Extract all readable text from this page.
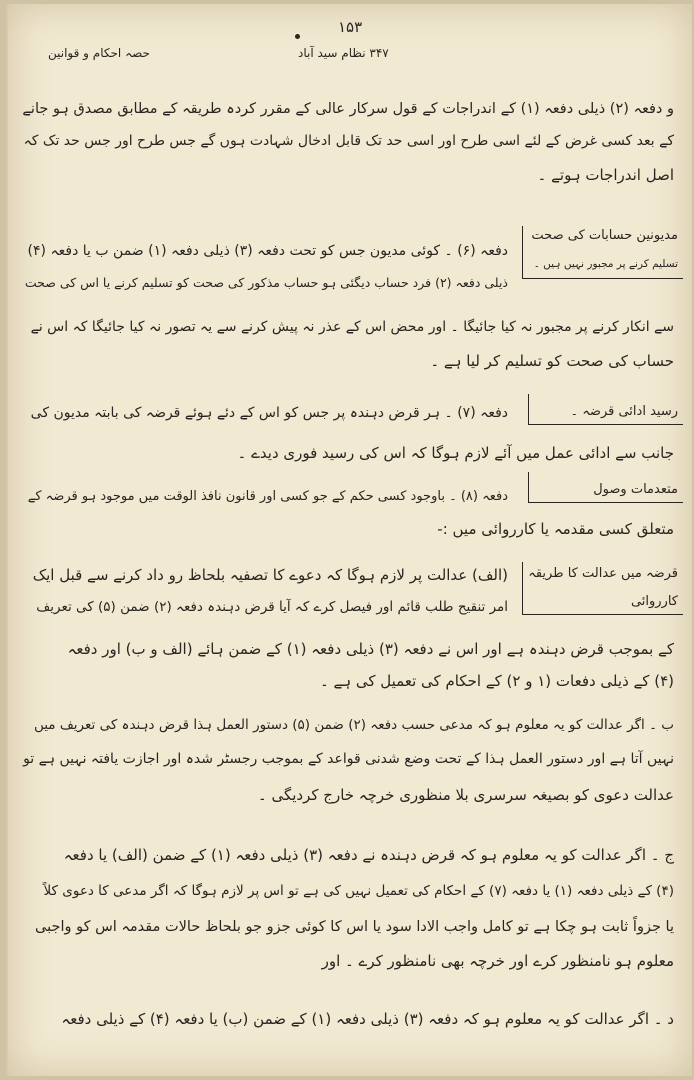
۱۵۳
۳۴۷ نظام سید آباد
حصہ احکام و قوانین
و دفعہ (۲) ذیلی دفعہ (۱) کے اندراجات کے قول سرکار عالی کے مقرر کردہ طریقہ کے مطابق مصدق ہو جانے
کے بعد کسی غرض کے لئے اسی طرح اور اسی حد تک قابل ادخال شہادت ہوں گے جس طرح اور جس حد تک کہ
اصل اندراجات ہوتے ۔
مدیونین حسابات کی صحت
تسلیم کرنے پر مجبور نہیں ہیں ۔
دفعہ (۶) ۔ کوئی مدیون جس کو تحت دفعہ (۳) ذیلی دفعہ (۱) ضمن ب یا دفعہ (۴)
ذیلی دفعہ (۲) فرد حساب دیگئی ہو حساب مذکور کی صحت کو تسلیم کرنے یا اس کی صحت
سے انکار کرنے پر مجبور نہ کیا جائیگا ۔ اور محض اس کے عذر نہ پیش کرنے سے یہ تصور نہ کیا جائیگا کہ اس نے
حساب کی صحت کو تسلیم کر لیا ہے ۔
رسید ادائی قرضہ ۔
دفعہ (۷) ۔ ہر قرض دہندہ پر جس کو اس کے دئے ہوئے قرضہ کی بابتہ مدیون کی
جانب سے ادائی عمل میں آئے لازم ہوگا کہ اس کی رسید فوری دیدے ۔
متعدمات وصول
دفعہ (۸) ۔ باوجود کسی حکم کے جو کسی اور قانون نافذ الوقت میں موجود ہو قرضہ کے
متعلق کسی مقدمہ یا کارروائی میں :-
قرضہ میں عدالت کا طریقہ
کارروائی
(الف) عدالت پر لازم ہوگا کہ دعوے کا تصفیہ بلحاظ رو داد کرنے سے قبل ایک
امر تنقیح طلب قائم اور فیصل کرے کہ آیا قرض دہندہ دفعہ (۲) ضمن (۵) کی تعریف
کے بموجب قرض دہندہ ہے اور اس نے دفعہ (۳) ذیلی دفعہ (۱) کے ضمن ہائے (الف و ب) اور دفعہ
(۴) کے ذیلی دفعات (۱ و ۲) کے احکام کی تعمیل کی ہے ۔
ب ۔ اگر عدالت کو یہ معلوم ہو کہ مدعی حسب دفعہ (۲) ضمن (۵) دستور العمل ہذا قرض دہندہ کی تعریف میں
نہیں آتا ہے اور دستور العمل ہذا کے تحت وضع شدنی قواعد کے بموجب رجسٹر شدہ اور اجازت یافتہ نہیں ہے تو
عدالت دعوی کو بصیغہ سرسری بلا منظوری خرچہ خارج کردیگی ۔
ج ۔ اگر عدالت کو یہ معلوم ہو کہ قرض دہندہ نے دفعہ (۳) ذیلی دفعہ (۱) کے ضمن (الف) یا دفعہ
(۴) کے ذیلی دفعہ (۱) یا دفعہ (۷) کے احکام کی تعمیل نہیں کی ہے تو اس پر لازم ہوگا کہ اگر مدعی کا دعوی کلاً
یا جزواً ثابت ہو چکا ہے تو کامل واجب الادا سود یا اس کا کوئی جزو جو بلحاظ حالات مقدمہ اس کو واجبی
معلوم ہو نامنظور کرے اور خرچہ بھی نامنظور کرے ۔ اور
د ۔ اگر عدالت کو یہ معلوم ہو کہ دفعہ (۳) ذیلی دفعہ (۱) کے ضمن (ب) یا دفعہ (۴) کے ذیلی دفعہ
